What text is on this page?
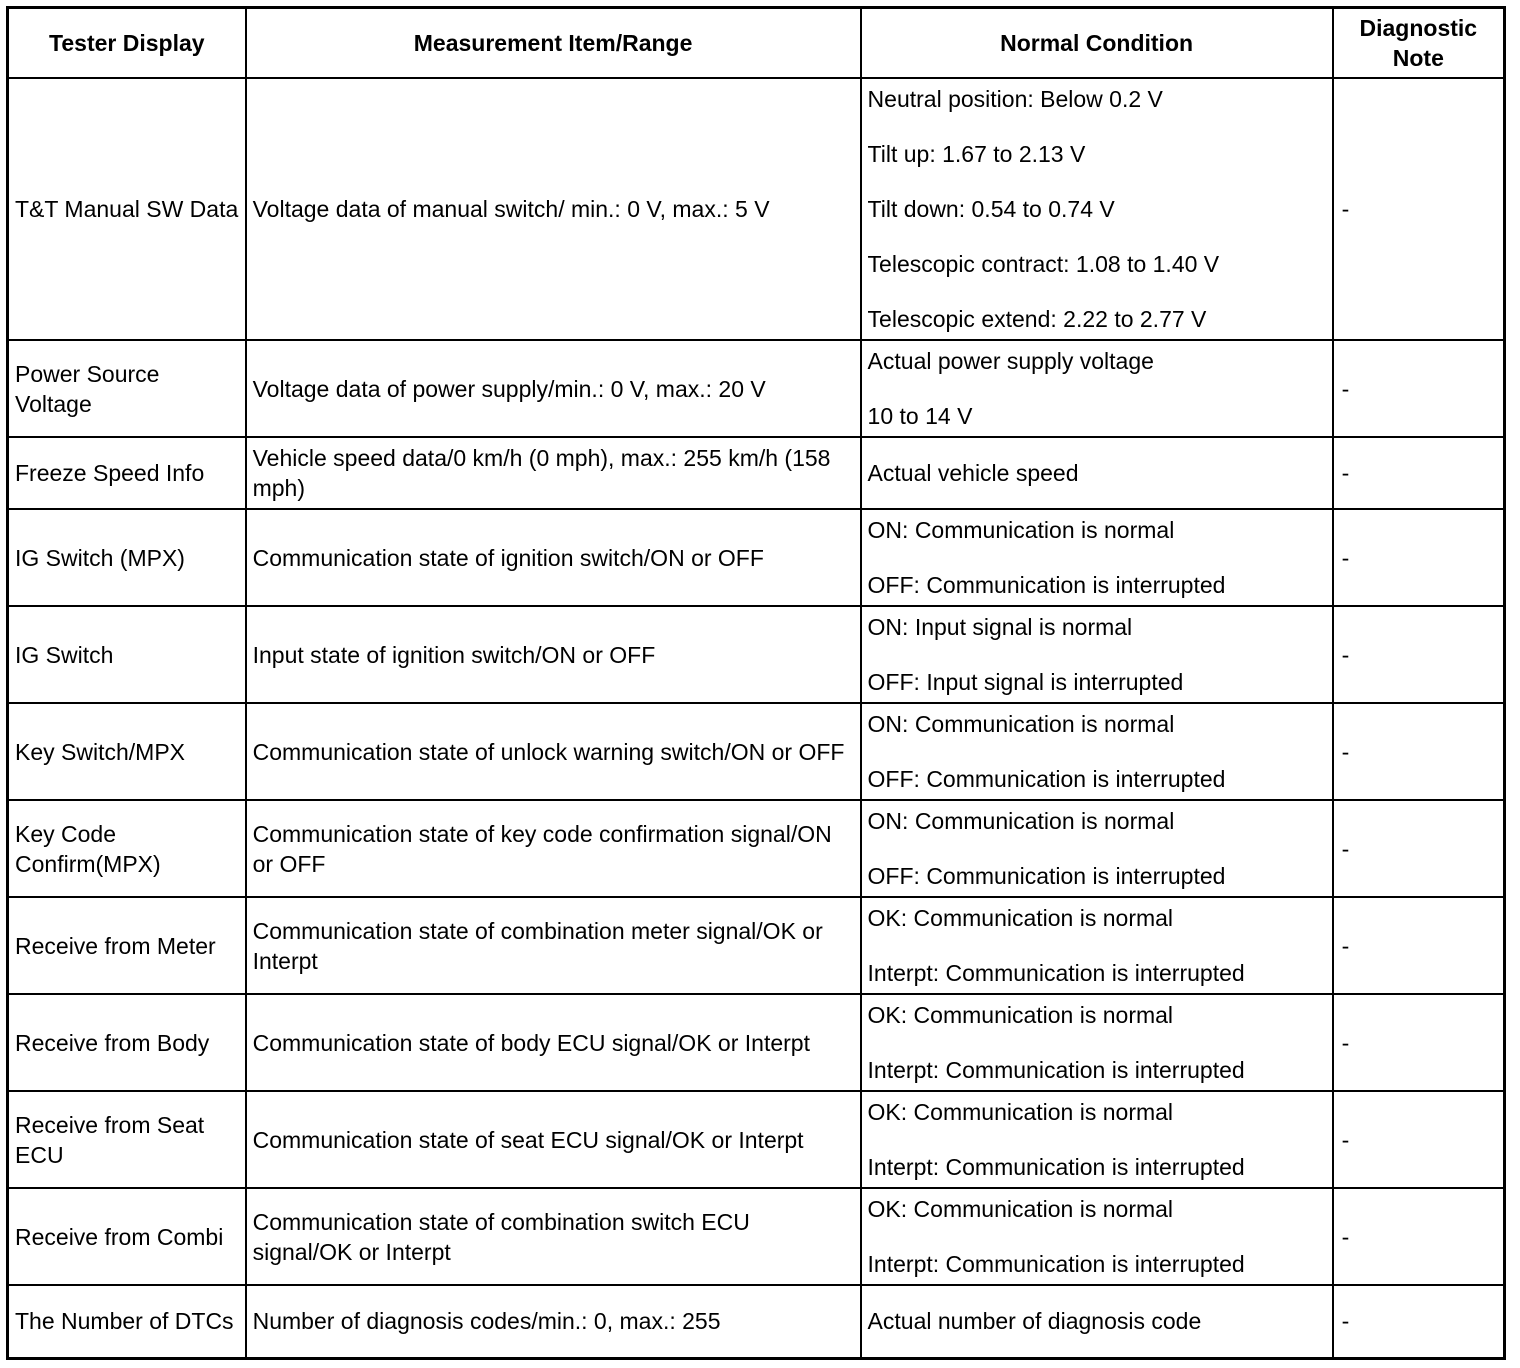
Tester Display	Measurement Item/Range	Normal Condition	Diagnostic Note
T&T Manual SW Data	Voltage data of manual switch/ min.: 0 V, max.: 5 V	Neutral position: Below 0.2 V
Tilt up: 1.67 to 2.13 V
Tilt down: 0.54 to 0.74 V
Telescopic contract: 1.08 to 1.40 V
Telescopic extend: 2.22 to 2.77 V	-
Power Source Voltage	Voltage data of power supply/min.: 0 V, max.: 20 V	Actual power supply voltage
10 to 14 V	-
Freeze Speed Info	Vehicle speed data/0 km/h (0 mph), max.: 255 km/h (158 mph)	Actual vehicle speed	-
IG Switch (MPX)	Communication state of ignition switch/ON or OFF	ON: Communication is normal
OFF: Communication is interrupted	-
IG Switch	Input state of ignition switch/ON or OFF	ON: Input signal is normal
OFF: Input signal is interrupted	-
Key Switch/MPX	Communication state of unlock warning switch/ON or OFF	ON: Communication is normal
OFF: Communication is interrupted	-
Key Code Confirm(MPX)	Communication state of key code confirmation signal/ON or OFF	ON: Communication is normal
OFF: Communication is interrupted	-
Receive from Meter	Communication state of combination meter signal/OK or Interpt	OK: Communication is normal
Interpt: Communication is interrupted	-
Receive from Body	Communication state of body ECU signal/OK or Interpt	OK: Communication is normal
Interpt: Communication is interrupted	-
Receive from Seat ECU	Communication state of seat ECU signal/OK or Interpt	OK: Communication is normal
Interpt: Communication is interrupted	-
Receive from Combi	Communication state of combination switch ECU signal/OK or Interpt	OK: Communication is normal
Interpt: Communication is interrupted	-
The Number of DTCs	Number of diagnosis codes/min.: 0, max.: 255	Actual number of diagnosis code	-
